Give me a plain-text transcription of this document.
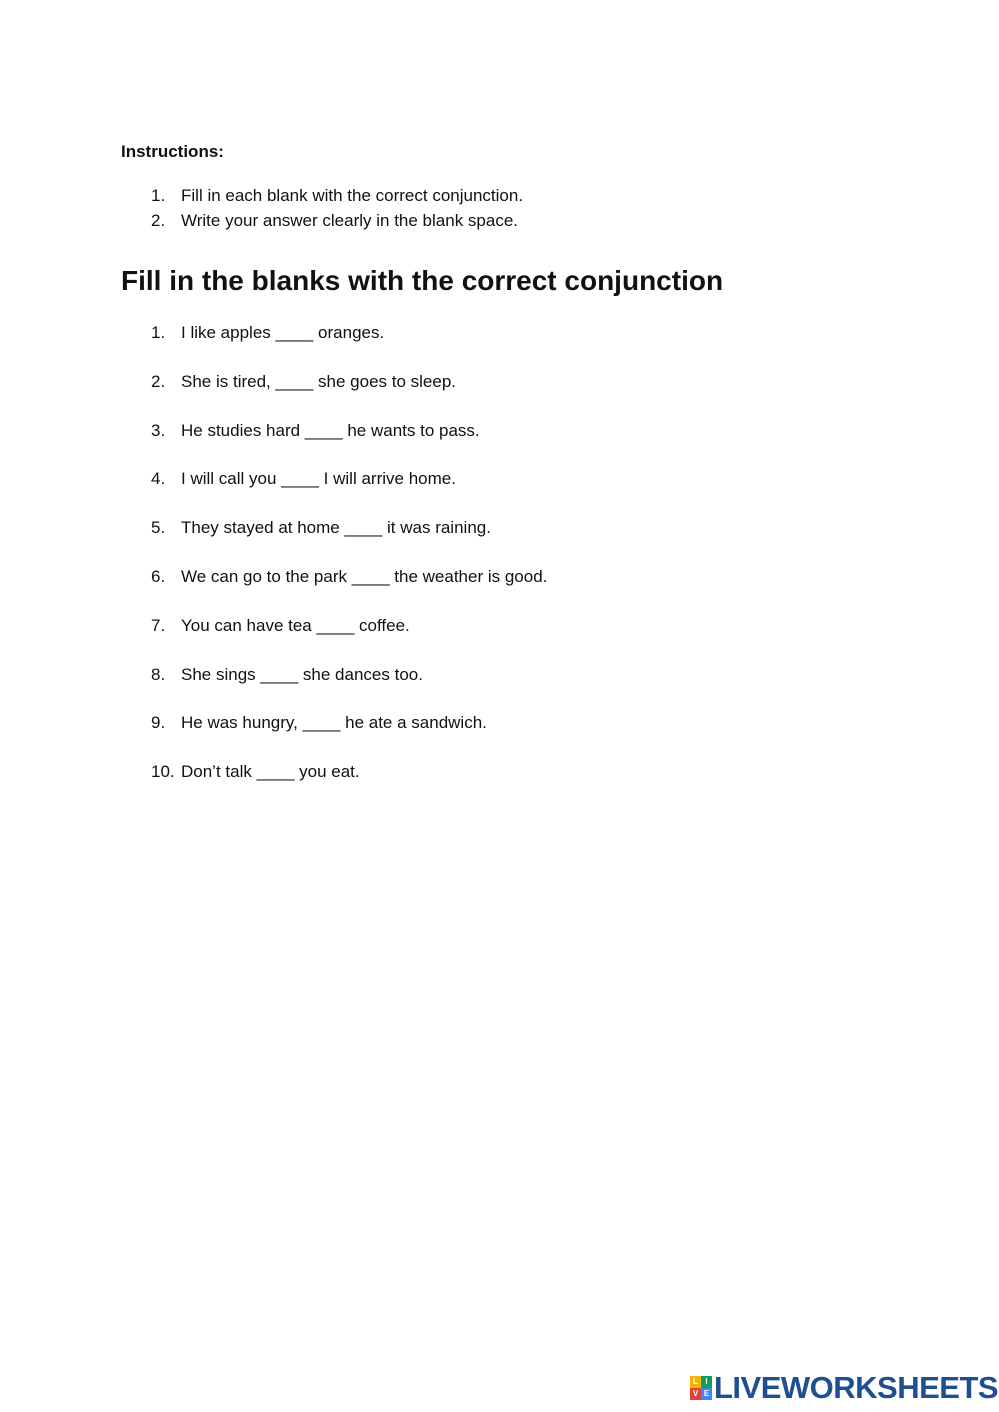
Instructions:

1. Fill in each blank with the correct conjunction.
2. Write your answer clearly in the blank space.
Fill in the blanks with the correct conjunction
1. I like apples ____ oranges.
2. She is tired, ____ she goes to sleep.
3. He studies hard ____ he wants to pass.
4. I will call you ____ I will arrive home.
5. They stayed at home ____ it was raining.
6. We can go to the park ____ the weather is good.
7. You can have tea ____ coffee.
8. She sings ____ she dances too.
9. He was hungry, ____ he ate a sandwich.
10. Don’t talk ____ you eat.
L I
V E LIVEWORKSHEETS
